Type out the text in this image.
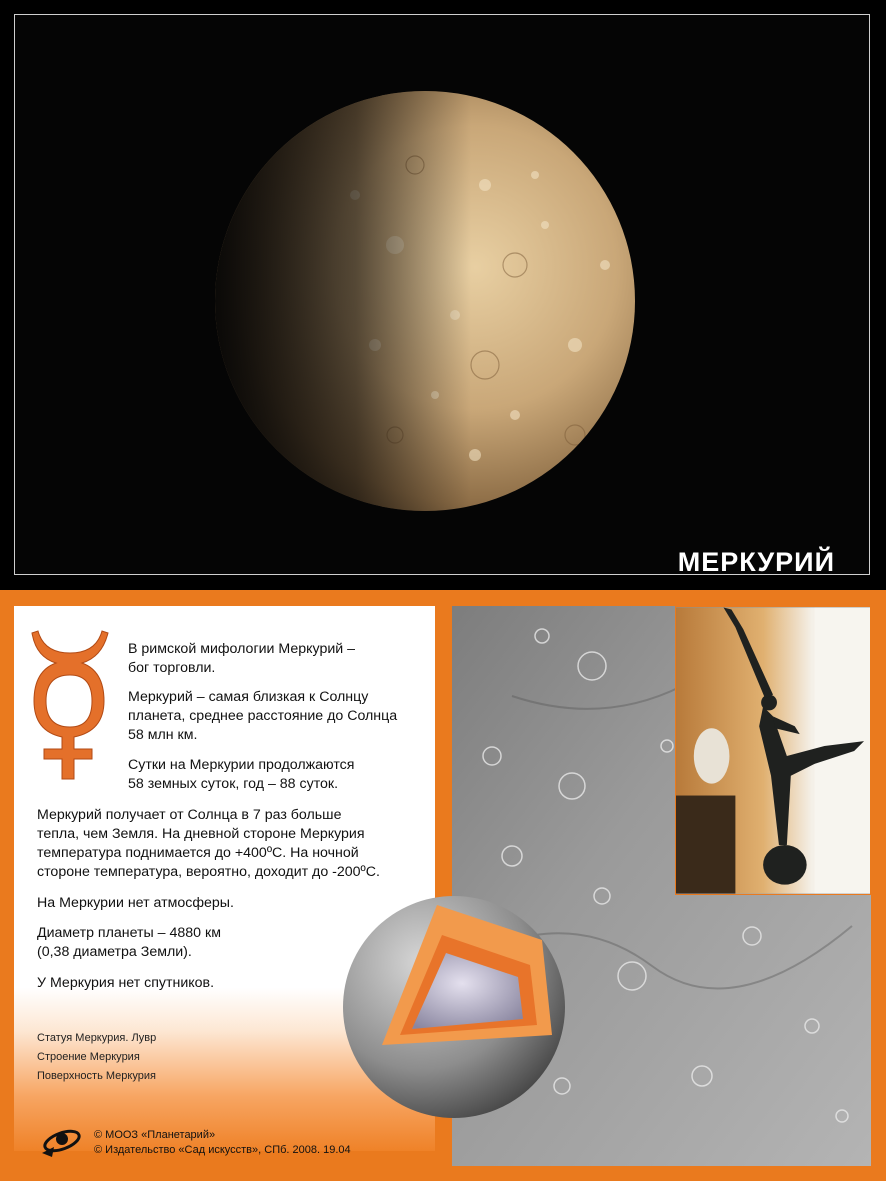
МЕРКУРИЙ

В римской мифологии Меркурий –
бог торговли.

Меркурий – самая близкая к Солнцу
планета, среднее расстояние до Солнца
58 млн км.

Сутки на Меркурии продолжаются
58 земных суток, год – 88 суток.

Меркурий получает от Солнца в 7 раз больше
тепла, чем Земля. На дневной стороне Меркурия
температура поднимается до +400ºС. На ночной
стороне температура, вероятно, доходит до -200ºС.

На Меркурии нет атмосферы.

Диаметр планеты – 4880 км
(0,38 диаметра Земли).

У Меркурия нет спутников.

Статуя Меркурия. Лувр
Строение Меркурия
Поверхность Меркурия
© МООЗ «Планетарий»
© Издательство «Сад искусств», СПб. 2008. 19.04
